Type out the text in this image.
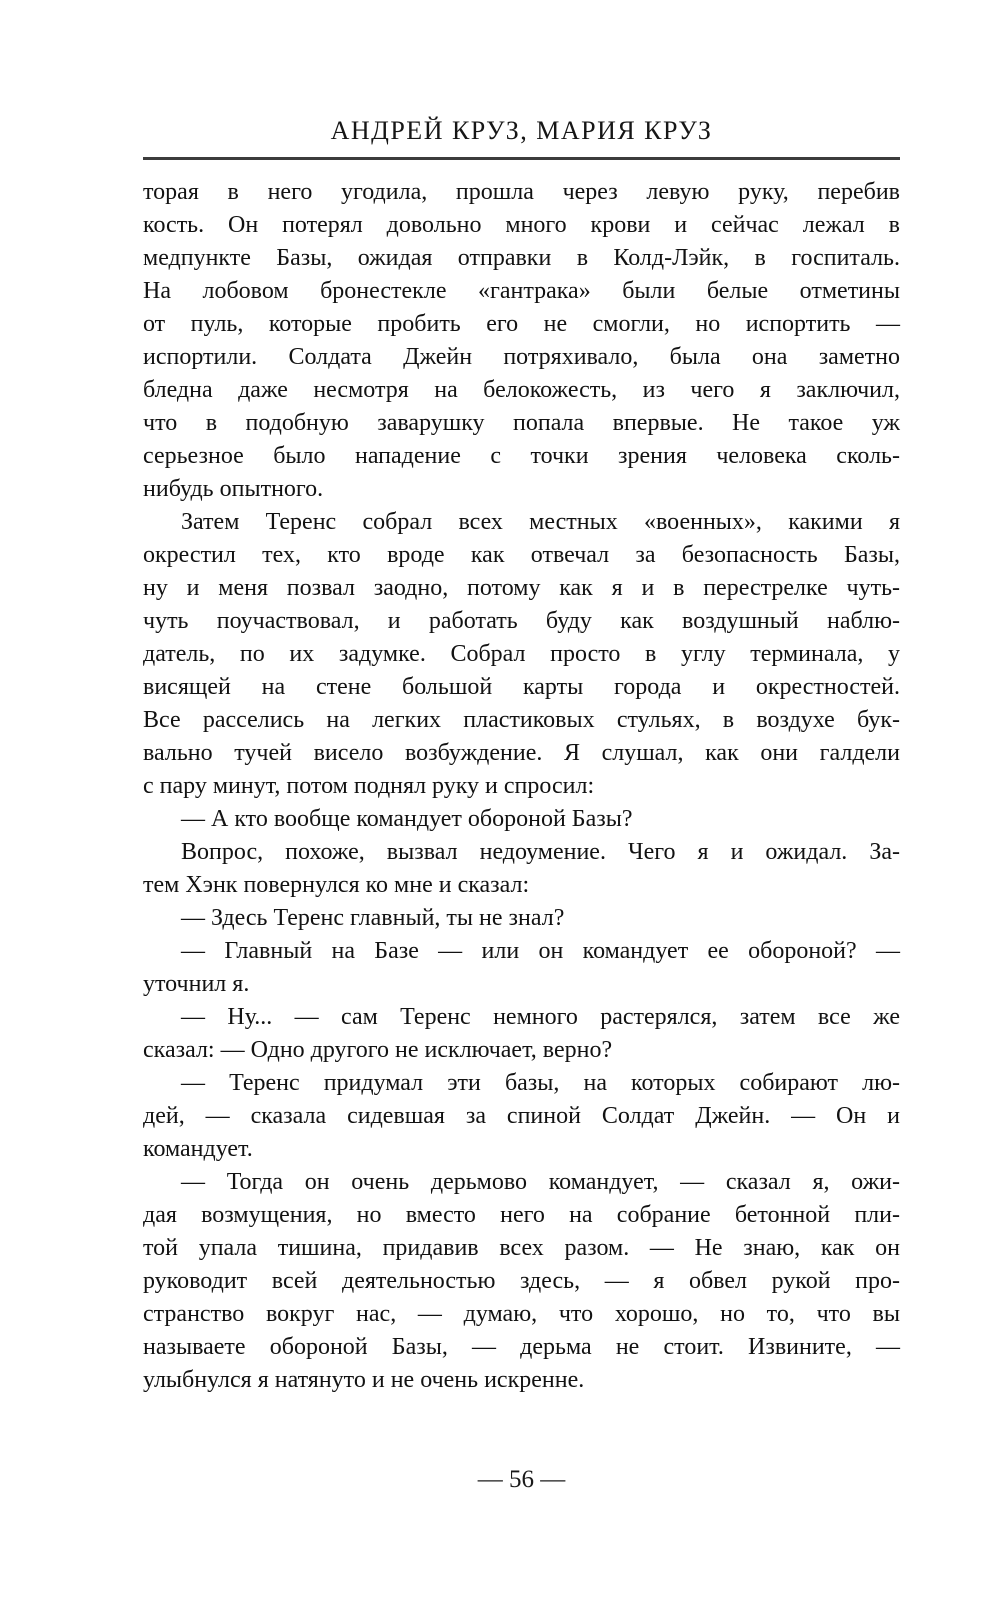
АНДРЕЙ КРУЗ, МАРИЯ КРУЗ
торая в него угодила, прошла через левую руку, перебив
кость. Он потерял довольно много крови и сейчас лежал в
медпункте Базы, ожидая отправки в Колд-Лэйк, в госпиталь.
На лобовом бронестекле «гантрака» были белые отметины
от пуль, которые пробить его не смогли, но испортить —
испортили. Солдата Джейн потряхивало, была она заметно
бледна даже несмотря на белокожесть, из чего я заключил,
что в подобную заварушку попала впервые. Не такое уж
серьезное было нападение с точки зрения человека сколь-
нибудь опытного.
Затем Теренс собрал всех местных «военных», какими я
окрестил тех, кто вроде как отвечал за безопасность Базы,
ну и меня позвал заодно, потому как я и в перестрелке чуть-
чуть поучаствовал, и работать буду как воздушный наблю-
датель, по их задумке. Собрал просто в углу терминала, у
висящей на стене большой карты города и окрестностей.
Все расселись на легких пластиковых стульях, в воздухе бук-
вально тучей висело возбуждение. Я слушал, как они галдели
с пару минут, потом поднял руку и спросил:
— А кто вообще командует обороной Базы?
Вопрос, похоже, вызвал недоумение. Чего я и ожидал. За-
тем Хэнк повернулся ко мне и сказал:
— Здесь Теренс главный, ты не знал?
— Главный на Базе — или он командует ее обороной? —
уточнил я.
— Ну... — сам Теренс немного растерялся, затем все же
сказал: — Одно другого не исключает, верно?
— Теренс придумал эти базы, на которых собирают лю-
дей, — сказала сидевшая за спиной Солдат Джейн. — Он и
командует.
— Тогда он очень дерьмово командует, — сказал я, ожи-
дая возмущения, но вместо него на собрание бетонной пли-
той упала тишина, придавив всех разом. — Не знаю, как он
руководит всей деятельностью здесь, — я обвел рукой про-
странство вокруг нас, — думаю, что хорошо, но то, что вы
называете обороной Базы, — дерьма не стоит. Извините, —
улыбнулся я натянуто и не очень искренне.
— 56 —
